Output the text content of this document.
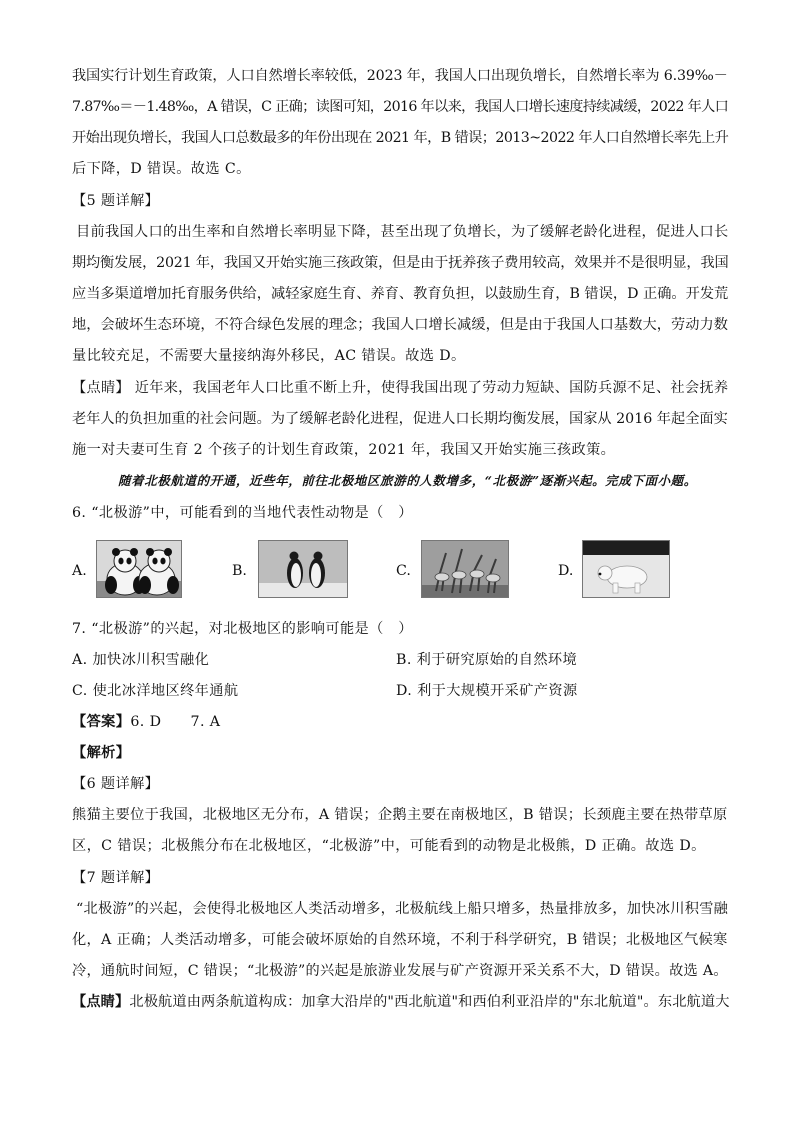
我国实行计划生育政策，人口自然增长率较低，2023 年，我国人口出现负增长，自然增长率为 6.39‰－
7.87‰＝－1.48‰，A 错误，C 正确；读图可知，2016 年以来，我国人口增长速度持续减缓，2022 年人口
开始出现负增长，我国人口总数最多的年份出现在 2021 年，B 错误；2013~2022 年人口自然增长率先上升
后下降，D 错误。故选 C。
【5 题详解】
目前我国人口的出生率和自然增长率明显下降，甚至出现了负增长，为了缓解老龄化进程，促进人口长
期均衡发展，2021 年，我国又开始实施三孩政策，但是由于抚养孩子费用较高，效果并不是很明显，我国
应当多渠道增加托育服务供给，减轻家庭生育、养育、教育负担，以鼓励生育，B 错误，D 正确。开发荒
地，会破坏生态环境，不符合绿色发展的理念；我国人口增长减缓，但是由于我国人口基数大，劳动力数
量比较充足，不需要大量接纳海外移民，AC 错误。故选 D。
【点睛】 近年来，我国老年人口比重不断上升，使得我国出现了劳动力短缺、国防兵源不足、社会抚养
老年人的负担加重的社会问题。为了缓解老龄化进程，促进人口长期均衡发展，国家从 2016 年起全面实
施一对夫妻可生育 2 个孩子的计划生育政策，2021 年，我国又开始实施三孩政策。
随着北极航道的开通，近些年，前往北极地区旅游的人数增多，“北极游”逐渐兴起。完成下面小题。
6. “北极游”中，可能看到的当地代表性动物是（　）
A.	B.	C.	D.
7. “北极游”的兴起，对北极地区的影响可能是（　）
A. 加快冰川积雪融化	B. 利于研究原始的自然环境
C. 使北冰洋地区终年通航	D. 利于大规模开采矿产资源
【答案】6. D　　7. A
【解析】
【6 题详解】
熊猫主要位于我国，北极地区无分布，A 错误；企鹅主要在南极地区，B 错误；长颈鹿主要在热带草原
区，C 错误；北极熊分布在北极地区，“北极游”中，可能看到的动物是北极熊，D 正确。故选 D。
【7 题详解】
“北极游”的兴起，会使得北极地区人类活动增多，北极航线上船只增多，热量排放多，加快冰川积雪融
化，A 正确；人类活动增多，可能会破坏原始的自然环境，不利于科学研究，B 错误；北极地区气候寒
冷，通航时间短，C 错误；“北极游”的兴起是旅游业发展与矿产资源开采关系不大，D 错误。故选 A。
【点睛】北极航道由两条航道构成：加拿大沿岸的"西北航道"和西伯利亚沿岸的"东北航道"。东北航道大
